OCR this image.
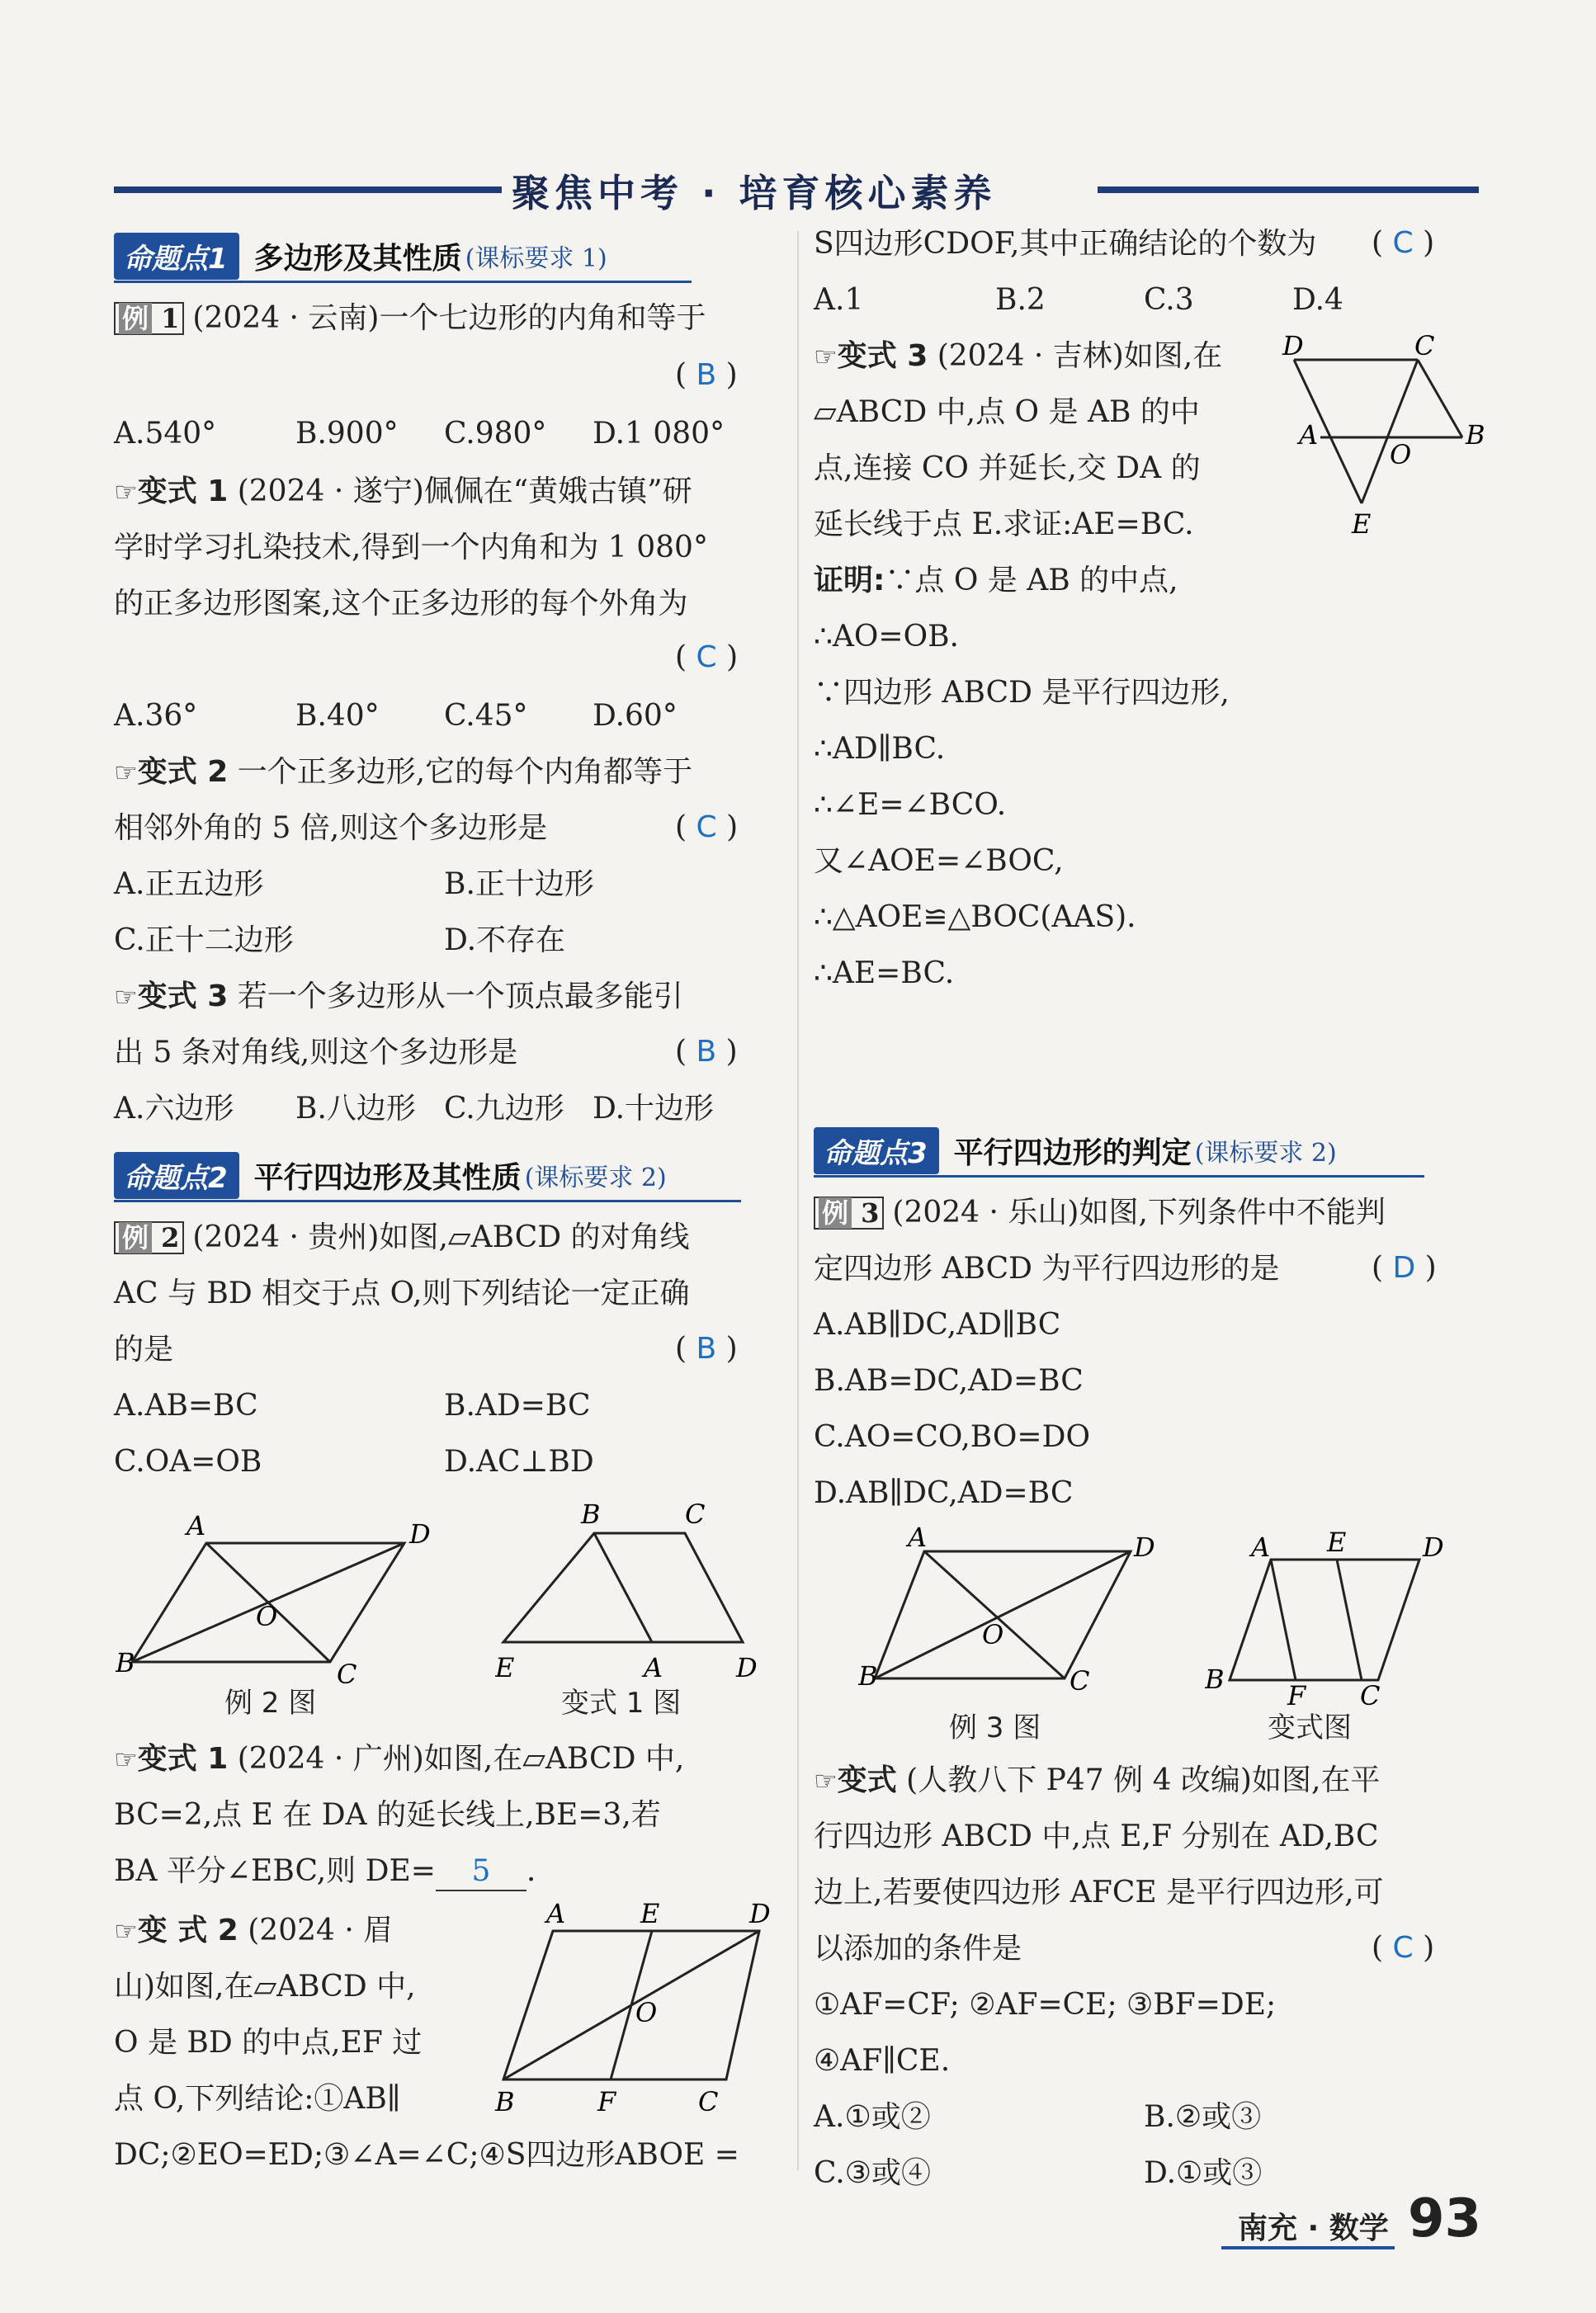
聚焦中考 · 培育核心素养
命题点1 多边形及其性质 (课标要求 1)
例 1 (2024 · 云南)一个七边形的内角和等于
( B )
A.540°	B.900° C.980° D.1 080°
☞变式 1 (2024 · 遂宁)佩佩在“黄娥古镇”研
学时学习扎染技术,得到一个内角和为 1 080°
的正多边形图案,这个正多边形的每个外角为
( C )
A.36°	B.40° C.45° D.60°
☞变式 2 一个正多边形,它的每个内角都等于
相邻外角的 5 倍,则这个多边形是	( C )
A.正五边形	B.正十边形
C.正十二边形	D.不存在
☞变式 3 若一个多边形从一个顶点最多能引
出 5 条对角线,则这个多边形是	( B )
A.六边形 B.八边形 C.九边形 D.十边形
命题点2 平行四边形及其性质 (课标要求 2)
例 2 (2024 · 贵州)如图,▱ABCD 的对角线
AC 与 BD 相交于点 O,则下列结论一定正确
的是	( B )
A.AB=BC	B.AD=BC
C.OA=OB	D.AC⊥BD
A	D
O
B	C
例 2 图
B	C
E	A	D
变式 1 图
☞变式 1 (2024 · 广州)如图,在▱ABCD 中,
BC=2,点 E 在 DA 的延长线上,BE=3,若
BA 平分∠EBC,则 DE= 5 .
☞变 式 2 (2024 · 眉
山)如图,在▱ABCD 中,
O 是 BD 的中点,EF 过
点 O,下列结论:①AB∥
DC;②EO=ED;③∠A=∠C;④S四边形ABOE =
A	E	D
O
B	F	C
S四边形CDOF,其中正确结论的个数为 ( C )
A.1	B.2	C.3	D.4
☞变式 3 (2024 · 吉林)如图,在
▱ABCD 中,点 O 是 AB 的中
点,连接 CO 并延长,交 DA 的
延长线于点 E.求证:AE=BC.
D	C
A
O
B
E
证明:∵点 O 是 AB 的中点,
∴AO=OB.
∵四边形 ABCD 是平行四边形,
∴AD∥BC.
∴∠E=∠BCO.
又∠AOE=∠BOC,
∴△AOE≌△BOC(AAS).
∴AE=BC.
命题点3 平行四边形的判定 (课标要求 2)
例 3 (2024 · 乐山)如图,下列条件中不能判
定四边形 ABCD 为平行四边形的是	( D )
A.AB∥DC,AD∥BC
B.AB=DC,AD=BC
C.AO=CO,BO=DO
D.AB∥DC,AD=BC
A	D
O
B	C
例 3 图
A E	D
B
F C
变式图
☞变式 (人教八下 P47 例 4 改编)如图,在平
行四边形 ABCD 中,点 E,F 分别在 AD,BC
边上,若要使四边形 AFCE 是平行四边形,可
以添加的条件是	( C )
①AF=CF; ②AF=CE; ③BF=DE;
④AF∥CE.
A.①或②	B.②或③
C.③或④	D.①或③
南充 · 数学 93
